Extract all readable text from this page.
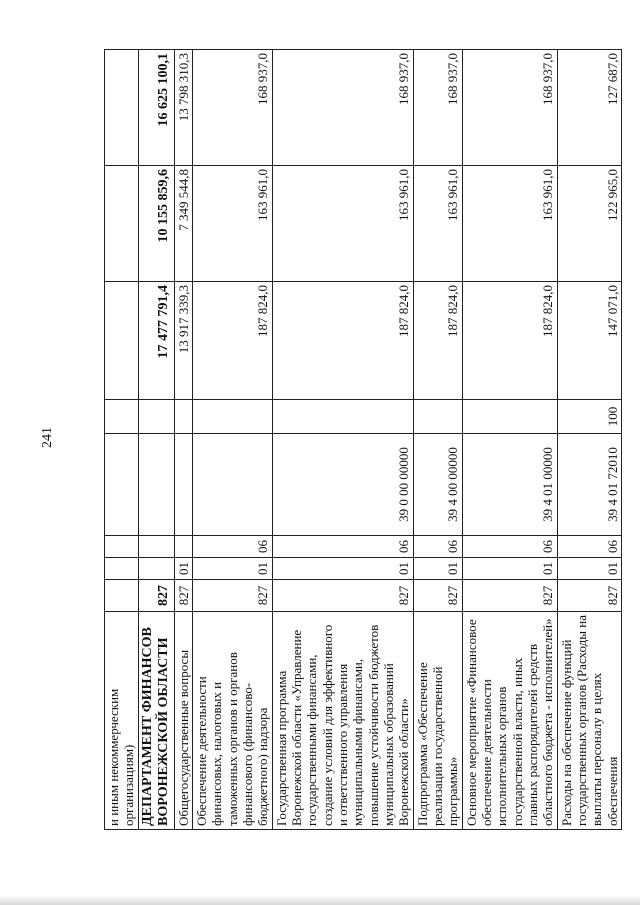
241
и иным некоммерческим организациям)								
ДЕПАРТАМЕНТ ФИНАНСОВ ВОРОНЕЖСКОЙ ОБЛАСТИ	827					17 477 791,4	10 155 859,6	16 625 100,1
Общегосударственные вопросы	827	01				13 917 339,3	7 349 544,8	13 798 310,3
Обеспечение деятельности финансовых, налоговых и таможенных органов и органов финансового (финансово-бюджетного) надзора	827	01	06			187 824,0	163 961,0	168 937,0
Государственная программа Воронежской области «Управление государственными финансами, создание условий для эффективного и ответственного управления муниципальными финансами, повышение устойчивости бюджетов муниципальных образований Воронежской области»	827	01	06	39 0 00 00000		187 824,0	163 961,0	168 937,0
Подпрограмма «Обеспечение реализации государственной программы»	827	01	06	39 4 00 00000		187 824,0	163 961,0	168 937,0
Основное мероприятие «Финансовое обеспечение деятельности исполнительных органов государственной власти, иных главных распорядителей средств областного бюджета - исполнителей»	827	01	06	39 4 01 00000		187 824,0	163 961,0	168 937,0
Расходы на обеспечение функций государственных органов (Расходы на выплаты персоналу в целях обеспечения	827	01	06	39 4 01 72010	100	147 071,0	122 965,0	127 687,0
